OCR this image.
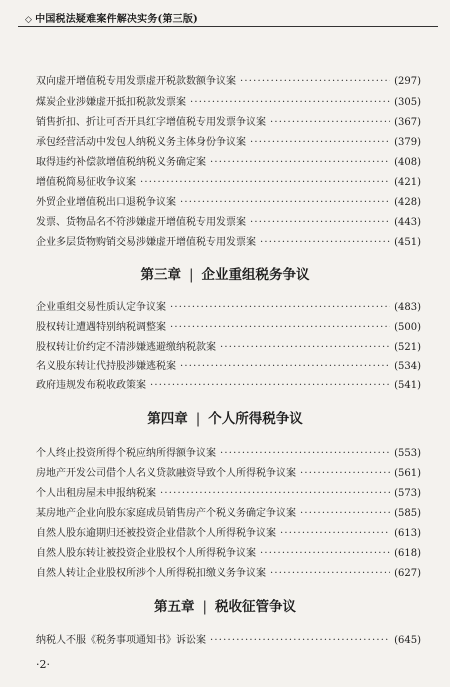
◇ 中国税法疑难案件解决实务(第三版)
双向虚开增值税专用发票虚开税款数额争议案 ·····	(297)
煤炭企业涉嫌虚开抵扣税款发票案 ·····	(305)
销售折扣、折让可否开具红字增值税专用发票争议案 ·····	(367)
承包经营活动中发包人纳税义务主体身份争议案 ·····	(379)
取得违约补偿款增值税纳税义务确定案 ·····	(408)
增值税简易征收争议案 ·····	(421)
外贸企业增值税出口退税争议案 ·····	(428)
发票、货物品名不符涉嫌虚开增值税专用发票案 ·····	(443)
企业多层货物购销交易涉嫌虚开增值税专用发票案 ·····	(451)
第三章 | 企业重组税务争议
企业重组交易性质认定争议案 ·····	(483)
股权转让遭遇特别纳税调整案 ·····	(500)
股权转让价约定不清涉嫌逃避缴纳税款案 ·····	(521)
名义股东转让代持股涉嫌逃税案 ·····	(534)
政府违规发布税收政策案 ·····	(541)
第四章 | 个人所得税争议
个人终止投资所得个税应纳所得额争议案 ·····	(553)
房地产开发公司借个人名义贷款融资导致个人所得税争议案 ·····	(561)
个人出租房屋未申报纳税案 ·····	(573)
某房地产企业向股东家庭成员销售房产个税义务确定争议案 ·····	(585)
自然人股东逾期归还被投资企业借款个人所得税争议案 ·····	(613)
自然人股东转让被投资企业股权个人所得税争议案 ·····	(618)
自然人转让企业股权所涉个人所得税扣缴义务争议案 ·····	(627)
第五章 | 税收征管争议
纳税人不服《税务事项通知书》诉讼案 ·····	(645)
·2·
